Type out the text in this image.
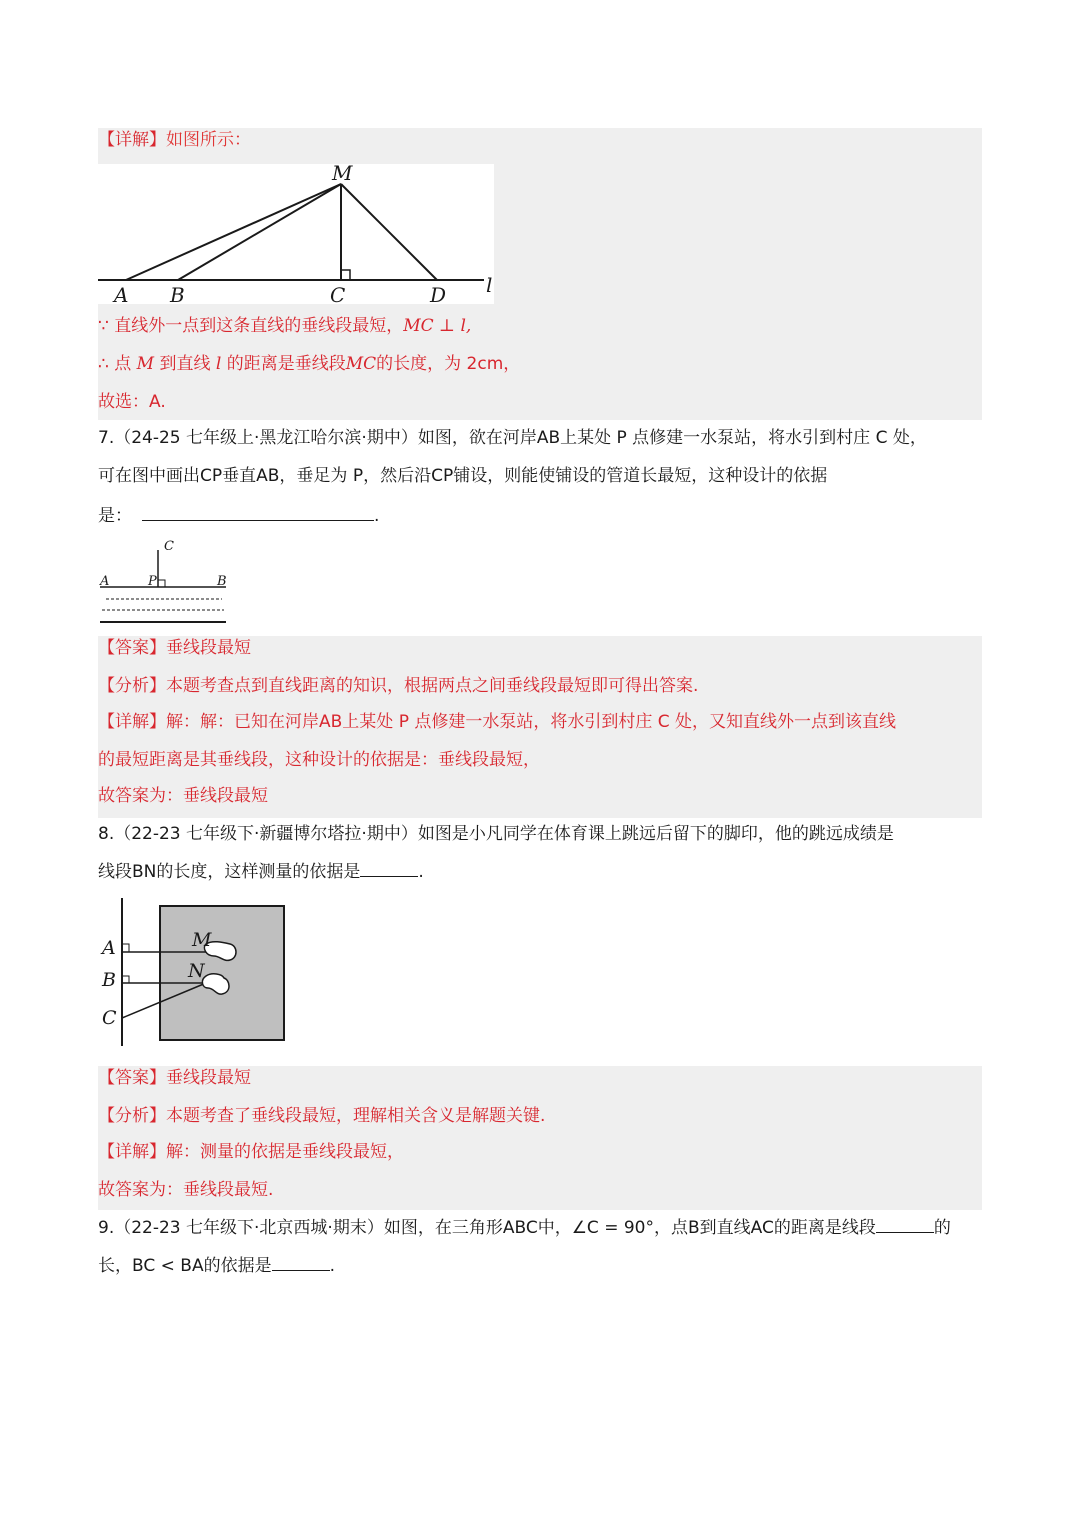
【详解】如图所示：
M
A B	C	D l
∵ 直线外一点到这条直线的垂线段最短，MC ⊥ l,
∴ 点 M 到直线 l 的距离是垂线段MC的长度，为 2cm，
故选：A.
7.（24-25 七年级上·黑龙江哈尔滨·期中）如图，欲在河岸AB上某处 P 点修建一水泵站，将水引到村庄 C 处，
可在图中画出CP垂直AB，垂足为 P，然后沿CP铺设，则能使铺设的管道长最短，这种设计的依据
是：	.
A	P	B
C
【答案】垂线段最短
【分析】本题考查点到直线距离的知识，根据两点之间垂线段最短即可得出答案.
【详解】解：解：已知在河岸AB上某处 P 点修建一水泵站，将水引到村庄 C 处，又知直线外一点到该直线
的最短距离是其垂线段，这种设计的依据是：垂线段最短，
故答案为：垂线段最短
8.（22-23 七年级下·新疆博尔塔拉·期中）如图是小凡同学在体育课上跳远后留下的脚印，他的跳远成绩是
线段BN的长度，这样测量的依据是	.
A
B
C
M
N
【答案】垂线段最短
【分析】本题考查了垂线段最短，理解相关含义是解题关键.
【详解】解：测量的依据是垂线段最短，
故答案为：垂线段最短.
9.（22-23 七年级下·北京西城·期末）如图，在三角形ABC中，∠C = 90°，点B到直线AC的距离是线段	的
长，BC < BA的依据是	.
